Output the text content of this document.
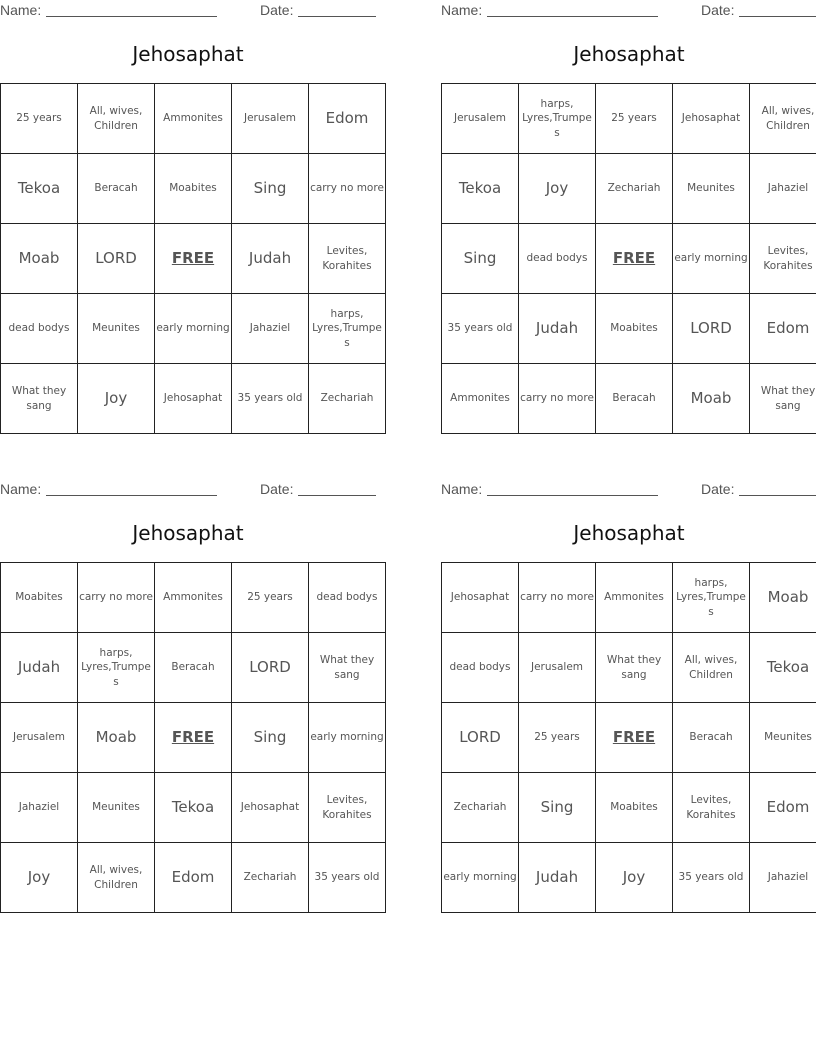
Name:	Date:
Jehosaphat
25 years	All, wives, Children	Ammonites	Jerusalem	Edom
Tekoa	Beracah	Moabites	Sing	carry no more
Moab	LORD	FREE	Judah	Levites, Korahites
dead bodys	Meunites	early morning	Jahaziel	harps, Lyres,Trumpes
What they sang	Joy	Jehosaphat	35 years old	Zechariah
Name:	Date:
Jehosaphat
Jerusalem	harps, Lyres,Trumpes	25 years	Jehosaphat	All, wives, Children
Tekoa	Joy	Zechariah	Meunites	Jahaziel
Sing	dead bodys	FREE	early morning	Levites, Korahites
35 years old	Judah	Moabites	LORD	Edom
Ammonites	carry no more	Beracah	Moab	What they sang
Name:	Date:
Jehosaphat
Moabites	carry no more	Ammonites	25 years	dead bodys
Judah	harps, Lyres,Trumpes	Beracah	LORD	What they sang
Jerusalem	Moab	FREE	Sing	early morning
Jahaziel	Meunites	Tekoa	Jehosaphat	Levites, Korahites
Joy	All, wives, Children	Edom	Zechariah	35 years old
Name:	Date:
Jehosaphat
Jehosaphat	carry no more	Ammonites	harps, Lyres,Trumpes	Moab
dead bodys	Jerusalem	What they sang	All, wives, Children	Tekoa
LORD	25 years	FREE	Beracah	Meunites
Zechariah	Sing	Moabites	Levites, Korahites	Edom
early morning	Judah	Joy	35 years old	Jahaziel
